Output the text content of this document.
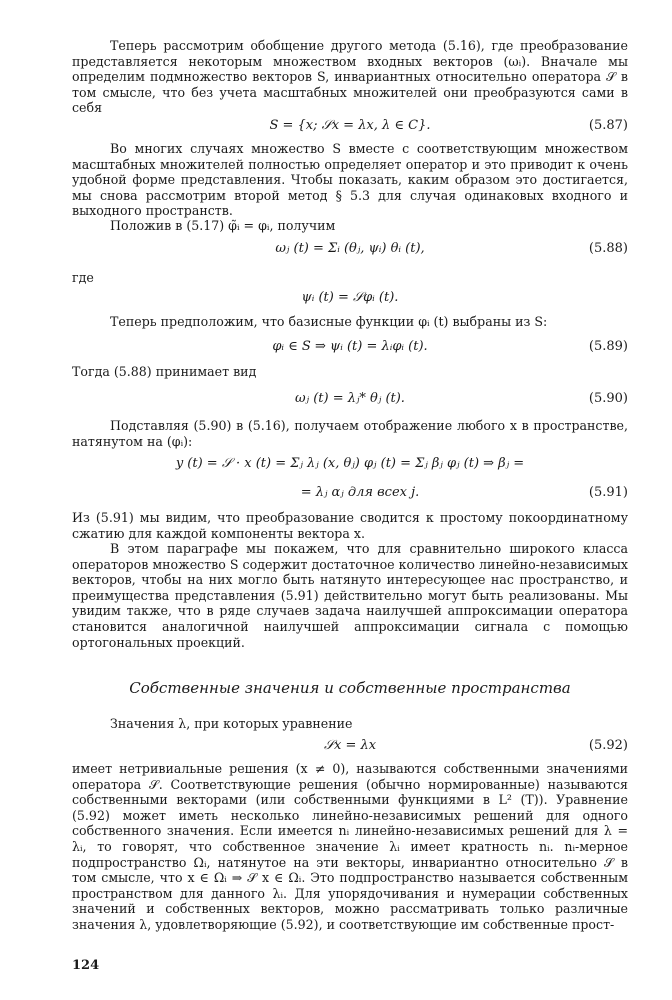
Теперь рассмотрим обобщение другого метода (5.16), где преобразование представляется некоторым множеством входных векторов (ωᵢ). Вначале мы определим подмножество векторов S, инвариантных относительно оператора 𝒮 в том смысле, что без учета масштабных множителей они преобразуются сами в себя

S = {x; 𝒮x = λx, λ ∈ C}.	(5.87)

Во многих случаях множество S вместе с соответствующим множеством масштабных множителей полностью определяет оператор и это приводит к очень удобной форме представления. Чтобы показать, каким образом это достигается, мы снова рассмотрим второй метод § 5.3 для случая одинаковых входного и выходного пространств.

Положив в (5.17) φ̃ᵢ = φᵢ, получим

ωⱼ (t) = Σᵢ (θⱼ, ψᵢ) θᵢ (t),	(5.88)
где
ψᵢ (t) = 𝒮φᵢ (t).

Теперь предположим, что базисные функции φᵢ (t) выбраны из S:

φᵢ ∈ S ⇒ ψᵢ (t) = λᵢφᵢ (t).	(5.89)

Тогда (5.88) принимает вид

ωⱼ (t) = λⱼ* θⱼ (t).	(5.90)

Подставляя (5.90) в (5.16), получаем отображение любого x в пространстве, натянутом на (φᵢ):

y (t) = 𝒮 · x (t) = Σⱼ λⱼ (x, θⱼ) φⱼ (t) = Σⱼ βⱼ φⱼ (t) ⇒ βⱼ =
= λⱼ αⱼ для всех j.	(5.91)

Из (5.91) мы видим, что преобразование сводится к простому покоординатному сжатию для каждой компоненты вектора x.

В этом параграфе мы покажем, что для сравнительно широкого класса операторов множество S содержит достаточное количество линейно-независимых векторов, чтобы на них могло быть натянуто интересующее нас пространство, и преимущества представления (5.91) действительно могут быть реализованы. Мы увидим также, что в ряде случаев задача наилучшей аппроксимации оператора становится аналогичной наилучшей аппроксимации сигнала с помощью ортогональных проекций.

Собственные значения и собственные пространства

Значения λ, при которых уравнение

𝒮x = λx	(5.92)

имеет нетривиальные решения (x ≠ 0), называются собственными значениями оператора 𝒮. Соответствующие решения (обычно нормированные) называются собственными векторами (или собственными функциями в L² (T)). Уравнение (5.92) может иметь несколько линейно-независимых решений для одного собственного значения. Если имеется nᵢ линейно-независимых решений для λ = λᵢ, то говорят, что собственное значение λᵢ имеет кратность nᵢ. nᵢ-мерное подпространство Ωᵢ, натянутое на эти векторы, инвариантно относительно 𝒮 в том смысле, что x ∈ Ωᵢ ⇒ 𝒮 x ∈ Ωᵢ. Это подпространство называется собственным пространством для данного λᵢ. Для упорядочивания и нумерации собственных значений и собственных векторов, можно рассматривать только различные значения λ, удовлетворяющие (5.92), и соответствующие им собственные прост-

124
